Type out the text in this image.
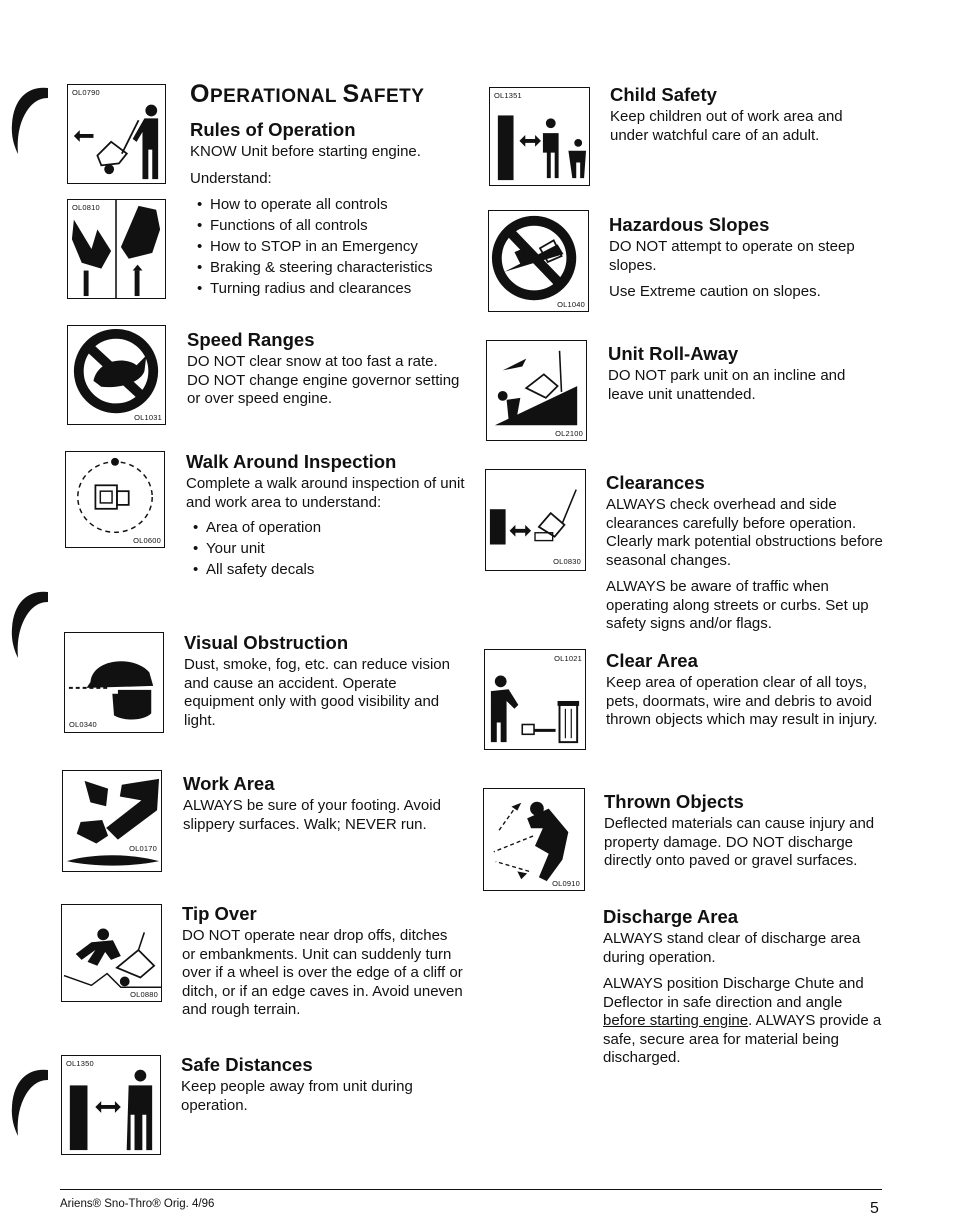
OL0790
OL0810
OL1031
OL0600
OL0340
OL0170
OL0880
OL1350
OL1351
OL1040
OL2100
OL0830
OL1021
OL0910
OPERATIONAL SAFETY
Rules of Operation

KNOW Unit before starting engine.

Understand:

• How to operate all controls
• Functions of all controls
• How to STOP in an Emergency
• Braking & steering characteristics
• Turning radius and clearances
Speed Ranges

DO NOT clear snow at too fast a rate. DO NOT change engine governor setting or over speed engine.

Walk Around Inspection

Complete a walk around inspection of unit and work area to understand:

• Area of operation
• Your unit
• All safety decals
Visual Obstruction

Dust, smoke, fog, etc. can reduce vision and cause an accident. Operate equipment only with good visibility and light.

Work Area

ALWAYS be sure of your footing. Avoid slippery surfaces. Walk; NEVER run.

Tip Over

DO NOT operate near drop offs, ditches or embankments. Unit can suddenly turn over if a wheel is over the edge of a cliff or ditch, or if an edge caves in. Avoid uneven and rough terrain.

Safe Distances

Keep people away from unit during operation.

Child Safety

Keep children out of work area and under watchful care of an adult.

Hazardous Slopes

DO NOT attempt to operate on steep slopes.

Use Extreme caution on slopes.

Unit Roll-Away

DO NOT park unit on an incline and leave unit unattended.

Clearances

ALWAYS check overhead and side clearances carefully before operation. Clearly mark potential obstructions before seasonal changes.

ALWAYS be aware of traffic when operating along streets or curbs. Set up safety signs and/or flags.

Clear Area

Keep area of operation clear of all toys, pets, doormats, wire and debris to avoid thrown objects which may result in injury.

Thrown Objects

Deflected materials can cause injury and property damage. DO NOT discharge directly onto paved or gravel surfaces.

Discharge Area

ALWAYS stand clear of discharge area during operation.

ALWAYS position Discharge Chute and Deflector in safe direction and angle before starting engine. ALWAYS provide a safe, secure area for material being discharged.

Ariens® Sno-Thro® Orig. 4/96	5
